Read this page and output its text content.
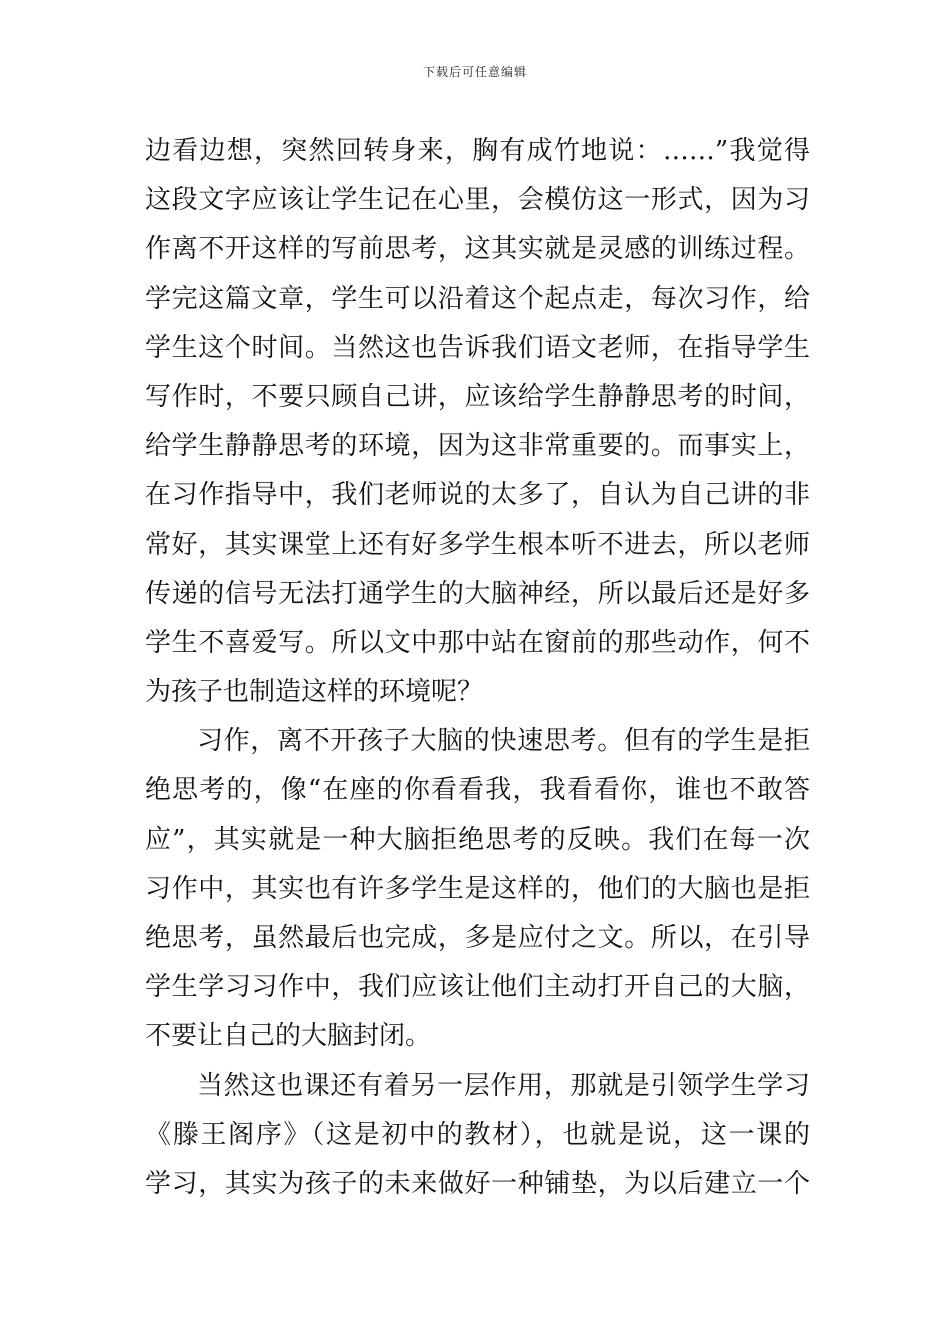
下载后可任意编辑
边看边想，突然回转身来，胸有成竹地说：……”我觉得
这段文字应该让学生记在心里，会模仿这一形式，因为习
作离不开这样的写前思考，这其实就是灵感的训练过程。
学完这篇文章，学生可以沿着这个起点走，每次习作，给
学生这个时间。当然这也告诉我们语文老师，在指导学生
写作时，不要只顾自己讲，应该给学生静静思考的时间，
给学生静静思考的环境，因为这非常重要的。而事实上，
在习作指导中，我们老师说的太多了，自认为自己讲的非
常好，其实课堂上还有好多学生根本听不进去，所以老师
传递的信号无法打通学生的大脑神经，所以最后还是好多
学生不喜爱写。所以文中那中站在窗前的那些动作，何不
为孩子也制造这样的环境呢？
习作，离不开孩子大脑的快速思考。但有的学生是拒
绝思考的，像“在座的你看看我，我看看你，谁也不敢答
应”，其实就是一种大脑拒绝思考的反映。我们在每一次
习作中，其实也有许多学生是这样的，他们的大脑也是拒
绝思考，虽然最后也完成，多是应付之文。所以，在引导
学生学习习作中，我们应该让他们主动打开自己的大脑，
不要让自己的大脑封闭。
当然这也课还有着另一层作用，那就是引领学生学习
《滕王阁序》（这是初中的教材），也就是说，这一课的
学习，其实为孩子的未来做好一种铺垫，为以后建立一个
